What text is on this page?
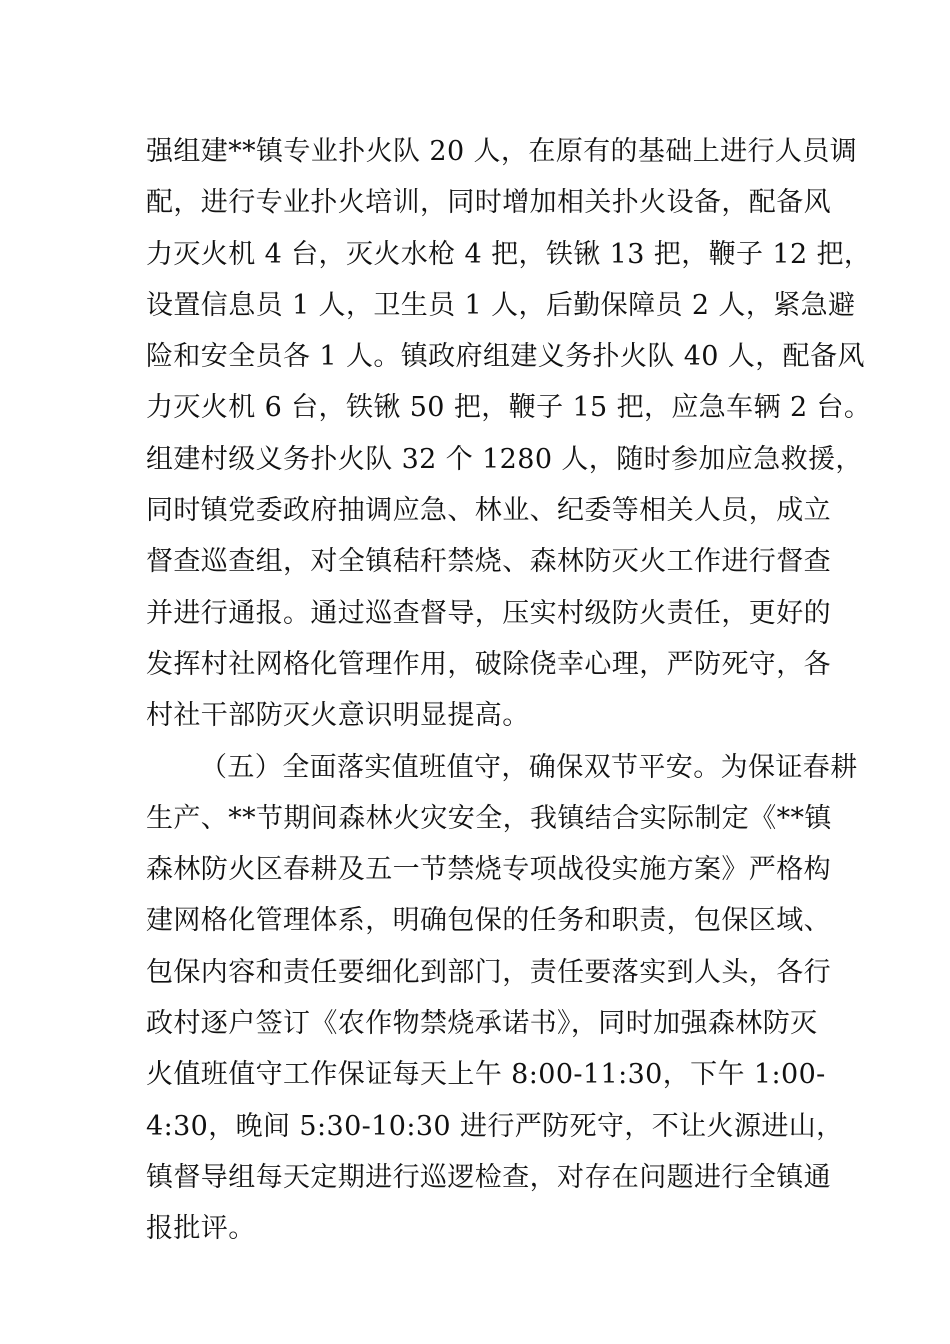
强组建**镇专业扑火队 20 人，在原有的基础上进行人员调
配，进行专业扑火培训，同时增加相关扑火设备，配备风
力灭火机 4 台，灭火水枪 4 把，铁锹 13 把，鞭子 12 把，
设置信息员 1 人，卫生员 1 人，后勤保障员 2 人，紧急避
险和安全员各 1 人。镇政府组建义务扑火队 40 人，配备风
力灭火机 6 台，铁锹 50 把，鞭子 15 把，应急车辆 2 台。
组建村级义务扑火队 32 个 1280 人，随时参加应急救援，
同时镇党委政府抽调应急、林业、纪委等相关人员，成立
督查巡查组，对全镇秸秆禁烧、森林防灭火工作进行督查
并进行通报。通过巡查督导，压实村级防火责任，更好的
发挥村社网格化管理作用，破除侥幸心理，严防死守，各
村社干部防灭火意识明显提高。
（五）全面落实值班值守，确保双节平安。为保证春耕
生产、**节期间森林火灾安全，我镇结合实际制定《**镇
森林防火区春耕及五一节禁烧专项战役实施方案》严格构
建网格化管理体系，明确包保的任务和职责，包保区域、
包保内容和责任要细化到部门，责任要落实到人头，各行
政村逐户签订《农作物禁烧承诺书》，同时加强森林防灭
火值班值守工作保证每天上午 8:00-11:30，下午 1:00-
4:30，晚间 5:30-10:30 进行严防死守，不让火源进山，
镇督导组每天定期进行巡逻检查，对存在问题进行全镇通
报批评。
